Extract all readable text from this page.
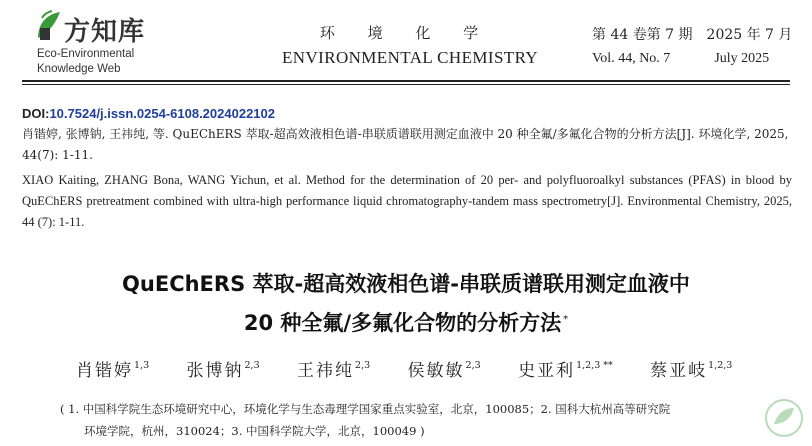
方知库
Eco-Environmental
Knowledge Web
环 境 化 学
ENVIRONMENTAL CHEMISTRY
第 44 卷第 7 期 2025 年 7 月
Vol. 44, No. 7	July 2025
DOI:10.7524/j.issn.0254-6108.2024022102
肖锴婷, 张博钠, 王祎纯, 等. QuEChERS 萃取-超高效液相色谱-串联质谱联用测定血液中 20 种全氟/多氟化合物的分析方法[J]. 环境化学, 2025, 44(7): 1-11.
XIAO Kaiting, ZHANG Bona, WANG Yichun, et al. Method for the determination of 20 per- and polyfluoroalkyl substances (PFAS) in blood by QuEChERS pretreatment combined with ultra-high performance liquid chromatography-tandem mass spectrometry[J]. Environmental Chemistry, 2025, 44 (7): 1-11.
QuEChERS 萃取-超高效液相色谱-串联质谱联用测定血液中
20 种全氟/多氟化合物的分析方法 *
肖锴婷$^{1,3}$ 张博钠$^{2,3}$ 王祎纯$^{2,3}$ 侯敏敏$^{2,3}$ 史亚利$^{1,2,3 **}$ 蔡亚岐$^{1,2,3}$
( 1. 中国科学院生态环境研究中心，环境化学与生态毒理学国家重点实验室，北京，100085；2. 国科大杭州高等研究院
环境学院，杭州，310024；3. 中国科学院大学，北京，100049 )
